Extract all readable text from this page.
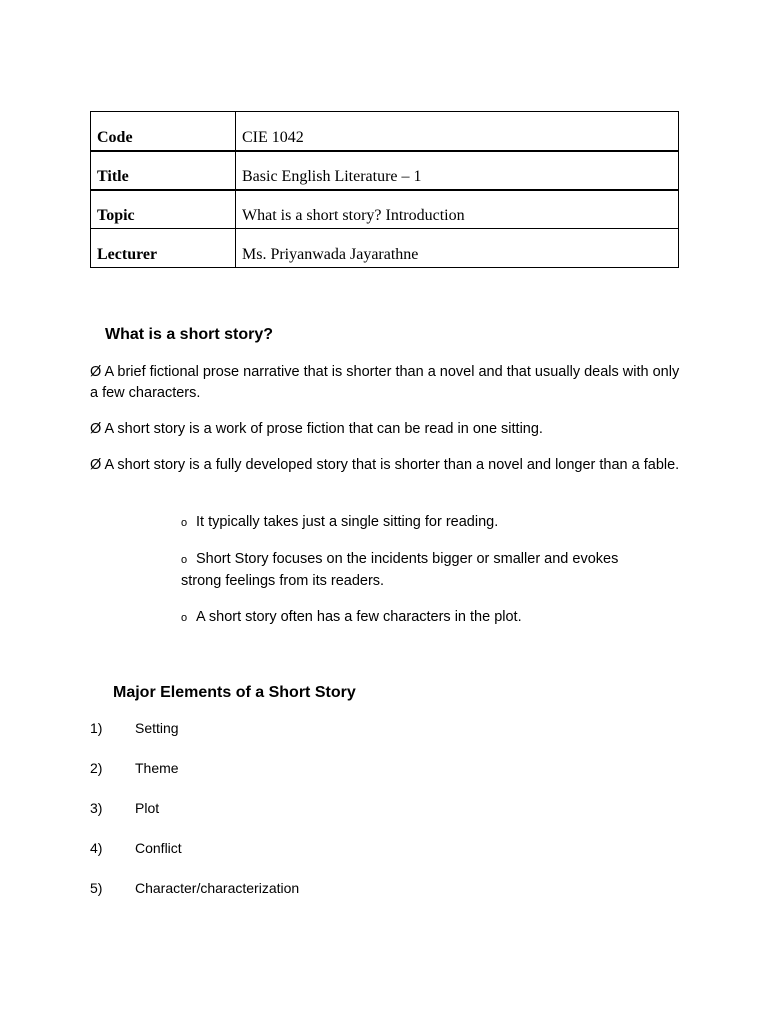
Code	CIE 1042
Title	Basic English Literature – 1
Topic	What is a short story? Introduction
Lecturer	Ms. Priyanwada Jayarathne
What is a short story?

Ø A brief fictional prose narrative that is shorter than a novel and that usually deals with only a few characters.

Ø A short story is a work of prose fiction that can be read in one sitting.

Ø A short story is a fully developed story that is shorter than a novel and longer than a fable.

o It typically takes just a single sitting for reading.

o Short Story focuses on the incidents bigger or smaller and evokes strong feelings from its readers.

o A short story often has a few characters in the plot.

Major Elements of a Short Story
1)	Setting
2)	Theme
3)	Plot
4)	Conflict
5)	Character/characterization
